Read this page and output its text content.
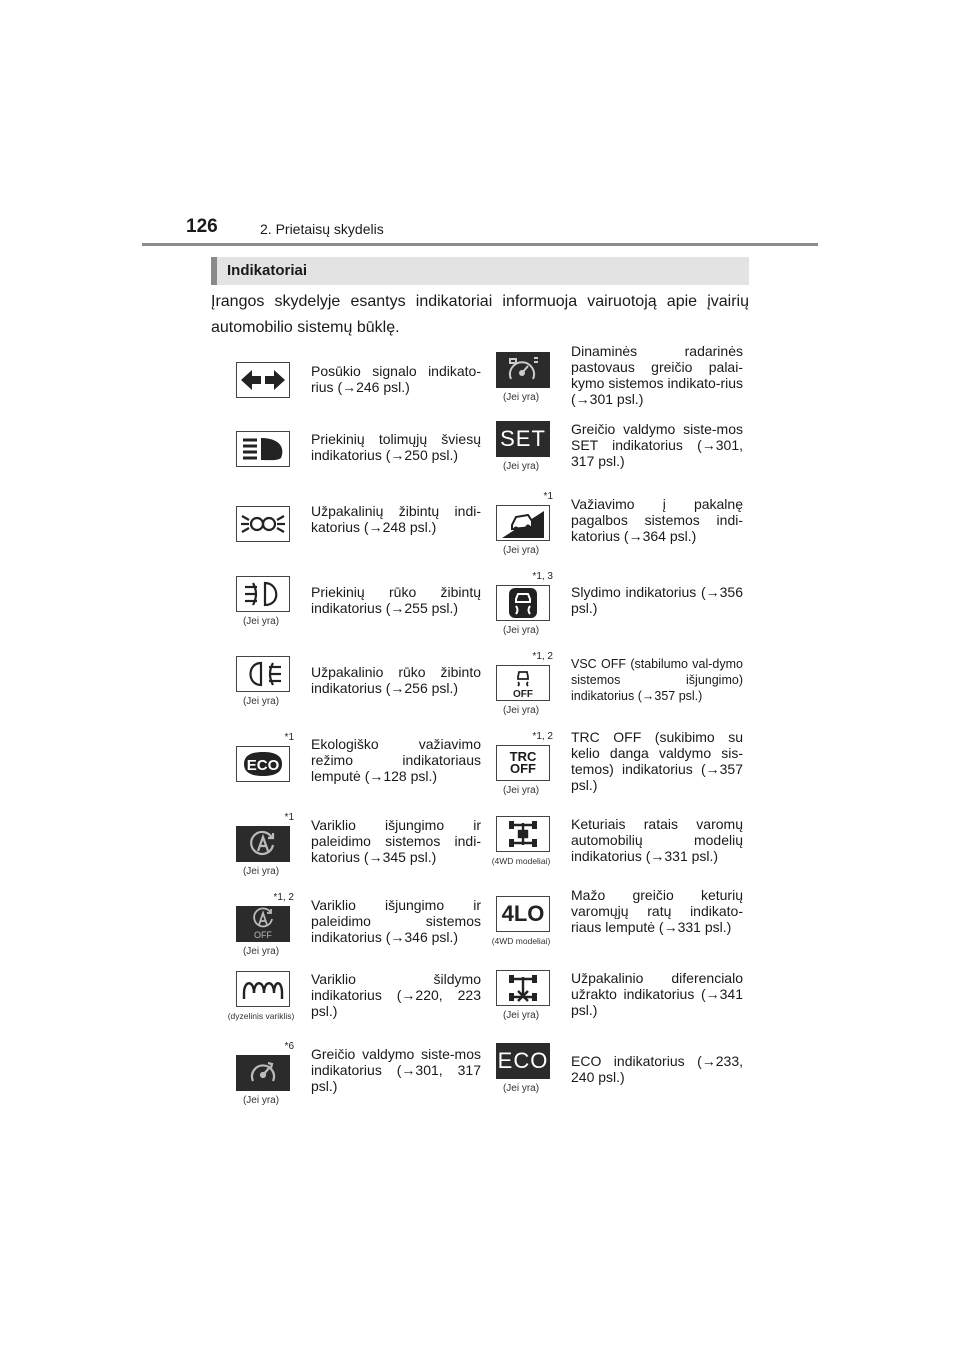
126	2. Prietaisų skydelis
Indikatoriai
Įrangos skydelyje esantys indikatoriai informuoja vairuotoją apie įvairių automobilio sistemų būklę.
Posūkio signalo indikato-rius (→246 psl.)
Priekinių tolimųjų šviesų indikatorius (→250 psl.)
Užpakalinių žibintų indi-katorius (→248 psl.)
(Jei yra)
Priekinių rūko žibintų indikatorius (→255 psl.)
(Jei yra)
Užpakalinio rūko žibinto indikatorius (→256 psl.)
*1
ECO
Ekologiško važiavimo režimo indikatoriaus lemputė (→128 psl.)
*1
(Jei yra)
Variklio išjungimo ir paleidimo sistemos indi-katorius (→345 psl.)
*1, 2
OFF
(Jei yra)
Variklio išjungimo ir paleidimo sistemos indikatorius (→346 psl.)
(dyzelinis variklis)
Variklio šildymo indikatorius (→220, 223 psl.)
*6
(Jei yra)
Greičio valdymo siste-mos indikatorius (→301, 317 psl.)
(Jei yra)
Dinaminės radarinės pastovaus greičio palai-kymo sistemos indikato-rius (→301 psl.)
SET
(Jei yra)
Greičio valdymo siste-mos SET indikatorius (→301, 317 psl.)
*1
(Jei yra)
Važiavimo į pakalnę pagalbos sistemos indi-katorius (→364 psl.)
*1, 3
(Jei yra)
Slydimo indikatorius (→356 psl.)
*1, 2
OFF
(Jei yra)
VSC OFF (stabilumo val-dymo sistemos išjungimo) indikatorius (→357 psl.)
*1, 2
TRC
OFF
(Jei yra)
TRC OFF (sukibimo su kelio danga valdymo sis-temos) indikatorius (→357 psl.)
(4WD modeliai)
Keturiais ratais varomų automobilių modelių indikatorius (→331 psl.)
4LO
(4WD modeliai)
Mažo greičio keturių varomųjų ratų indikato-riaus lemputė (→331 psl.)
(Jei yra)
Užpakalinio diferencialo užrakto indikatorius (→341 psl.)
ECO
(Jei yra)
ECO indikatorius (→233, 240 psl.)
